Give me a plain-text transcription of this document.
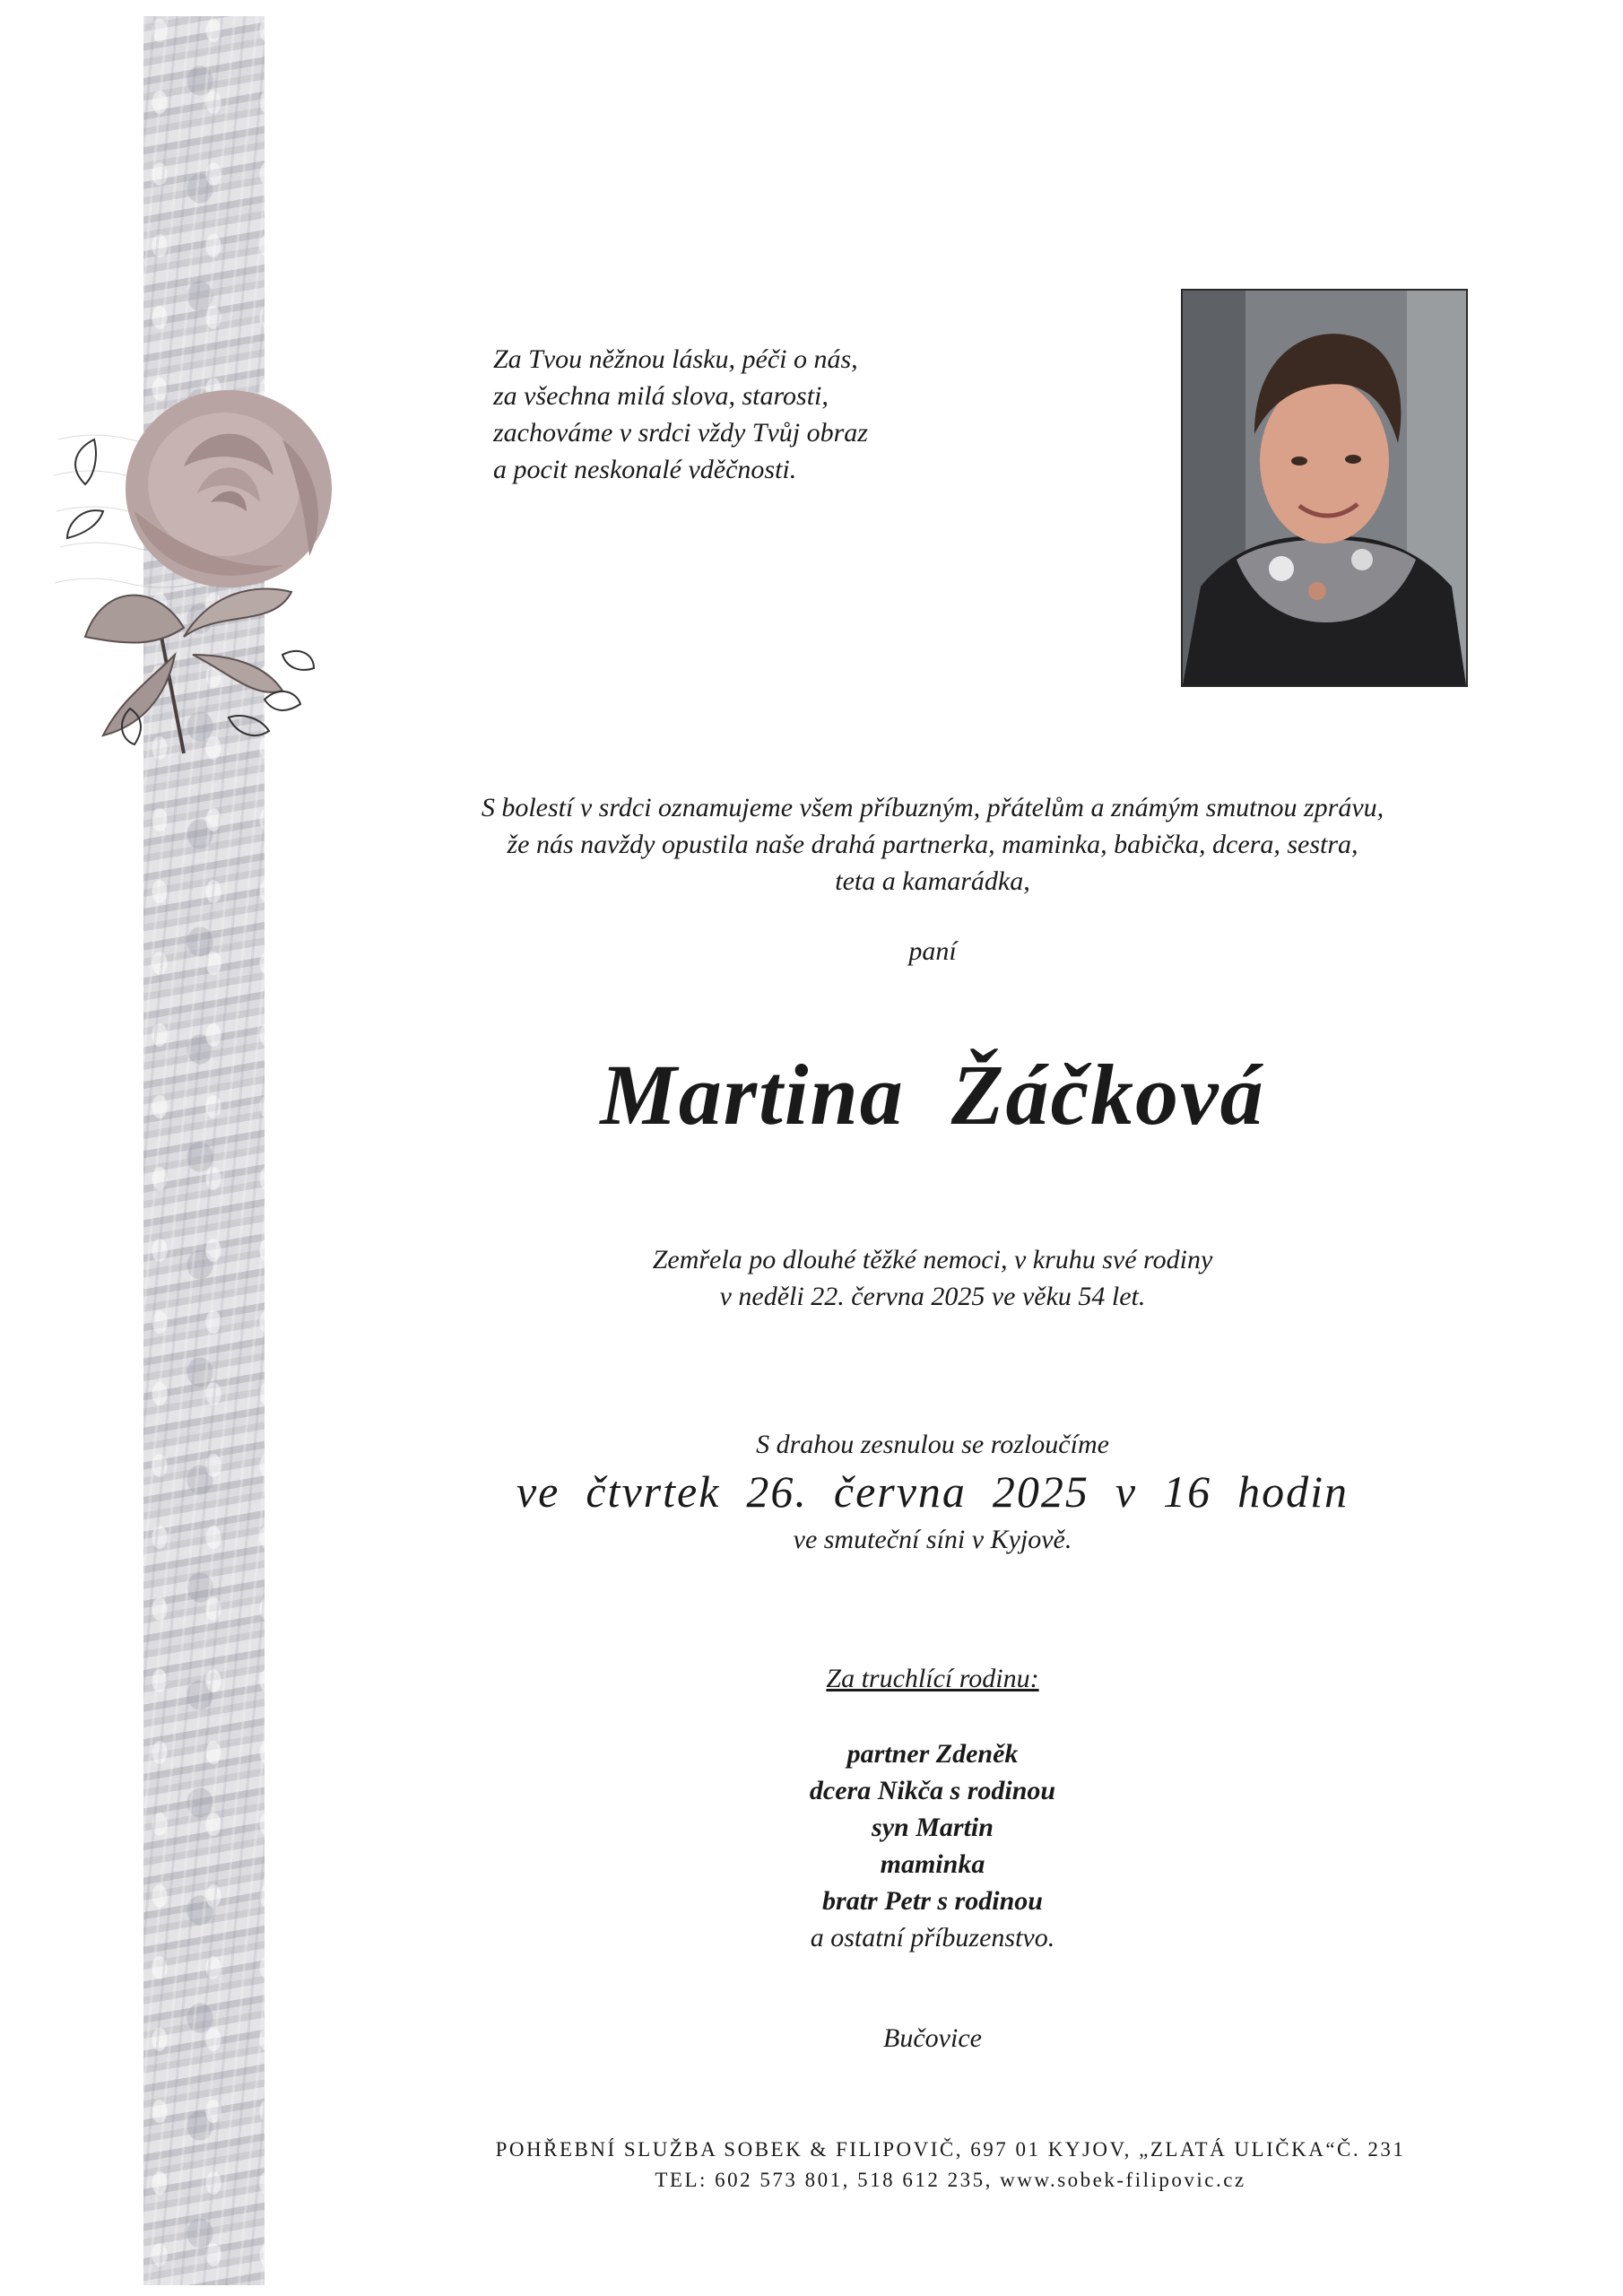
Za Tvou něžnou lásku, péči o nás,
za všechna milá slova, starosti,
zachováme v srdci vždy Tvůj obraz
a pocit neskonalé vděčnosti.
S bolestí v srdci oznamujeme všem příbuzným, přátelům a známým smutnou zprávu,
že nás navždy opustila naše drahá partnerka, maminka, babička, dcera, sestra,
teta a kamarádka,
paní
Martina  Žáčková
Zemřela po dlouhé těžké nemoci, v kruhu své rodiny
v neděli 22. června 2025 ve věku 54 let.
S drahou zesnulou se rozloučíme
ve  čtvrtek  26.  června  2025  v  16  hodin
ve smuteční síni v Kyjově.
Za truchlící rodinu:
partner Zdeněk
dcera Nikča s rodinou
syn Martin
maminka
bratr Petr s rodinou
a ostatní příbuzenstvo.
Bučovice
POHŘEBNÍ SLUŽBA SOBEK & FILIPOVIČ, 697 01 KYJOV, „ZLATÁ ULIČKA“Č. 231
TEL: 602 573 801, 518 612 235, www.sobek-filipovic.cz
